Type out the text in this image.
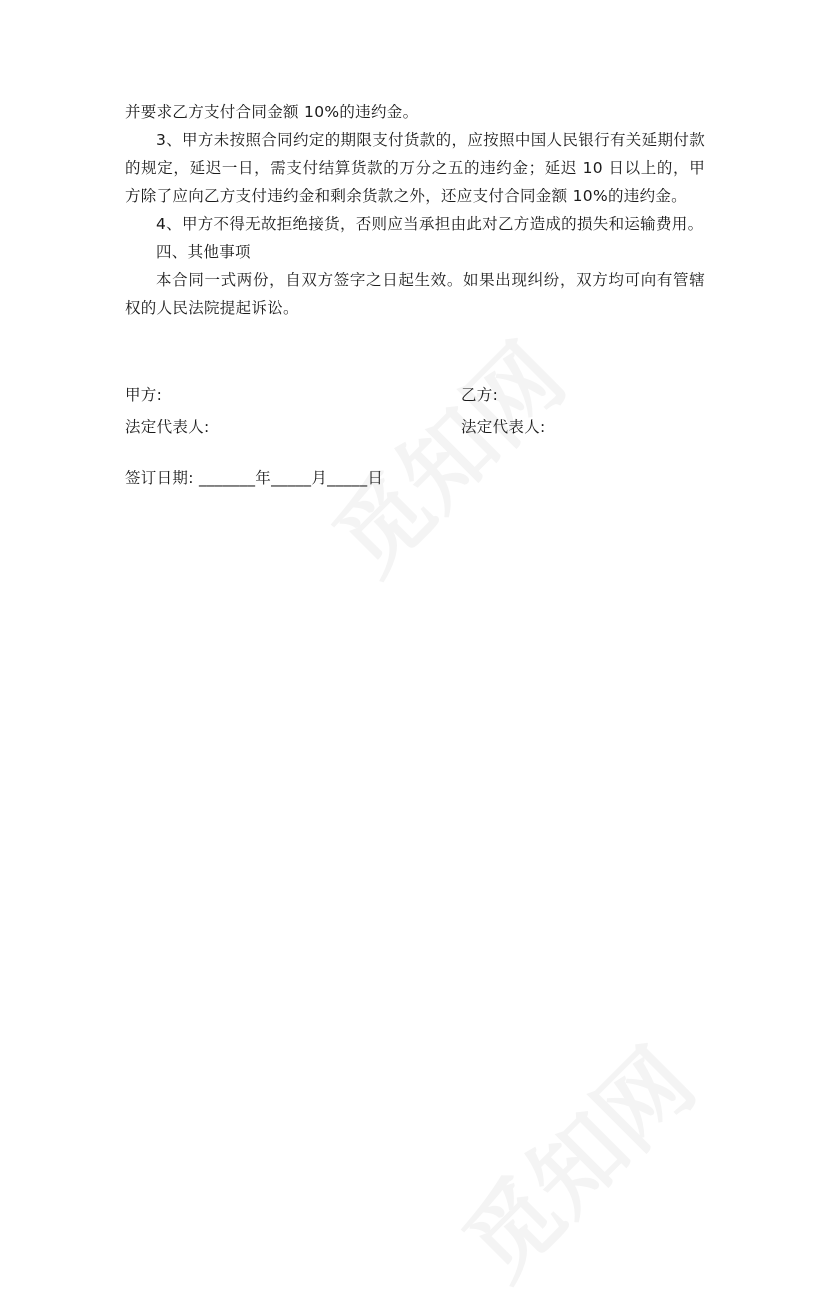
并要求乙方支付合同金额 10%的违约金。

3、甲方未按照合同约定的期限支付货款的，应按照中国人民银行有关延期付款的规定，延迟一日，需支付结算货款的万分之五的违约金；延迟 10 日以上的，甲方除了应向乙方支付违约金和剩余货款之外，还应支付合同金额 10%的违约金。

4、甲方不得无故拒绝接货，否则应当承担由此对乙方造成的损失和运输费用。

四、其他事项

本合同一式两份，自双方签字之日起生效。如果出现纠纷，双方均可向有管辖权的人民法院提起诉讼。

甲方:	乙方:
法定代表人:	法定代表人:
签订日期: _______年_____月_____日
